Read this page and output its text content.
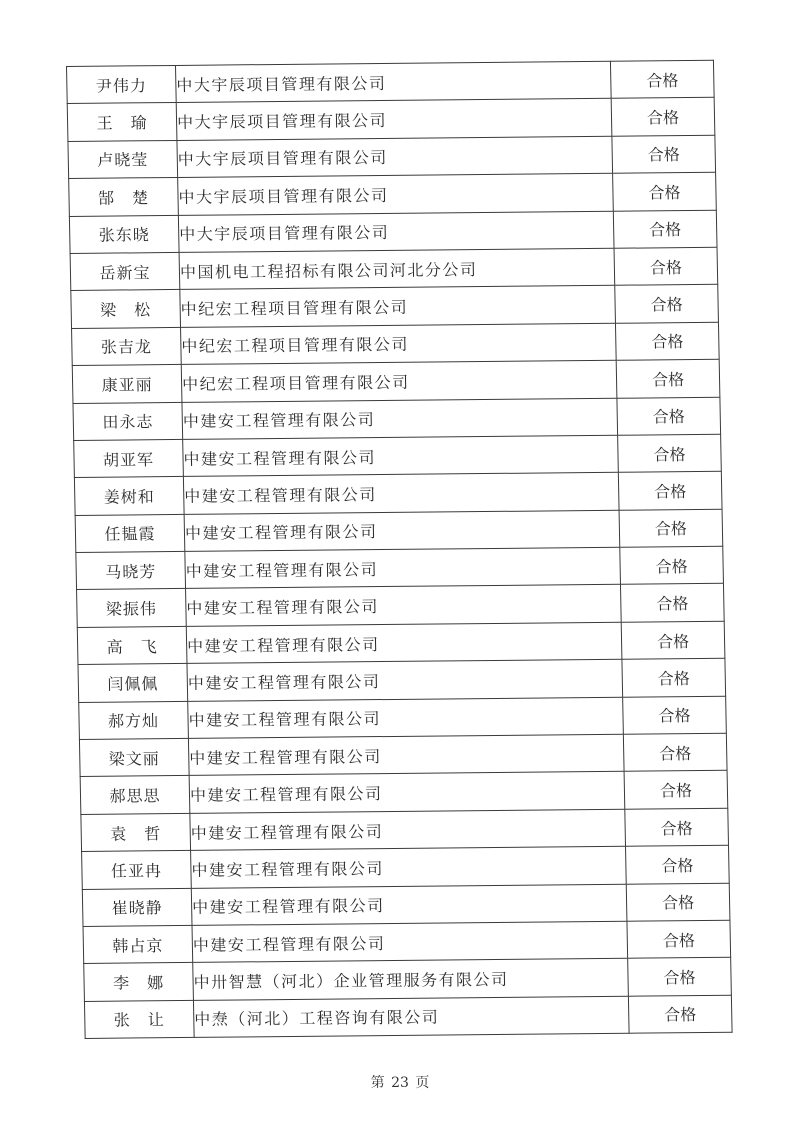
尹伟力	中大宇辰项目管理有限公司	合格
王　瑜	中大宇辰项目管理有限公司	合格
卢晓莹	中大宇辰项目管理有限公司	合格
郜　楚	中大宇辰项目管理有限公司	合格
张东晓	中大宇辰项目管理有限公司	合格
岳新宝	中国机电工程招标有限公司河北分公司	合格
梁　松	中纪宏工程项目管理有限公司	合格
张吉龙	中纪宏工程项目管理有限公司	合格
康亚丽	中纪宏工程项目管理有限公司	合格
田永志	中建安工程管理有限公司	合格
胡亚军	中建安工程管理有限公司	合格
姜树和	中建安工程管理有限公司	合格
任韫霞	中建安工程管理有限公司	合格
马晓芳	中建安工程管理有限公司	合格
梁振伟	中建安工程管理有限公司	合格
高　飞	中建安工程管理有限公司	合格
闫佩佩	中建安工程管理有限公司	合格
郝方灿	中建安工程管理有限公司	合格
梁文丽	中建安工程管理有限公司	合格
郝思思	中建安工程管理有限公司	合格
袁　哲	中建安工程管理有限公司	合格
任亚冉	中建安工程管理有限公司	合格
崔晓静	中建安工程管理有限公司	合格
韩占京	中建安工程管理有限公司	合格
李　娜	中卅智慧（河北）企业管理服务有限公司	合格
张　让	中焘（河北）工程咨询有限公司	合格
第 23 页
